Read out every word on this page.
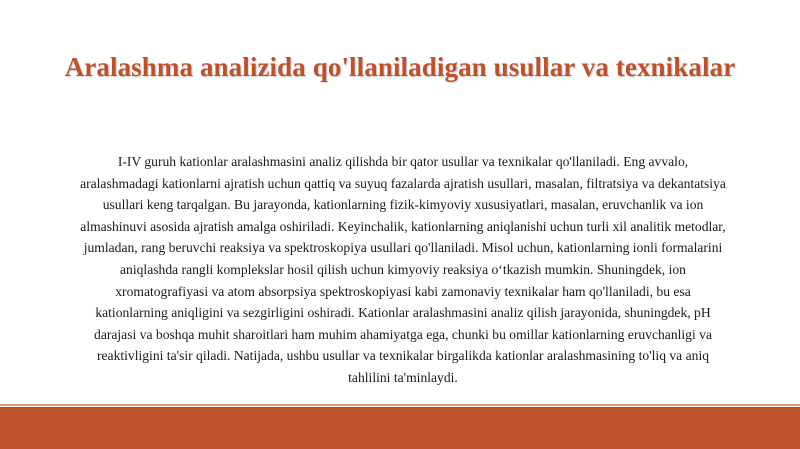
Aralashma analizida qo'llaniladigan usullar va texnikalar
I-IV guruh kationlar aralashmasini analiz qilishda bir qator usullar va texnikalar qo'llaniladi. Eng avvalo, aralashmadagi kationlarni ajratish uchun qattiq va suyuq fazalarda ajratish usullari, masalan, filtratsiya va dekantatsiya usullari keng tarqalgan. Bu jarayonda, kationlarning fizik-kimyoviy xususiyatlari, masalan, eruvchanlik va ion almashinuvi asosida ajratish amalga oshiriladi. Keyinchalik, kationlarning aniqlanishi uchun turli xil analitik metodlar, jumladan, rang beruvchi reaksiya va spektroskopiya usullari qo'llaniladi. Misol uchun, kationlarning ionli formalarini aniqlashda rangli komplekslar hosil qilish uchun kimyoviy reaksiya o‘tkazish mumkin. Shuningdek, ion xromatografiyasi va atom absorpsiya spektroskopiyasi kabi zamonaviy texnikalar ham qo'llaniladi, bu esa kationlarning aniqligini va sezgirligini oshiradi. Kationlar aralashmasini analiz qilish jarayonida, shuningdek, pH darajasi va boshqa muhit sharoitlari ham muhim ahamiyatga ega, chunki bu omillar kationlarning eruvchanligi va reaktivligini ta'sir qiladi. Natijada, ushbu usullar va texnikalar birgalikda kationlar aralashmasining to'liq va aniq tahlilini ta'minlaydi.
